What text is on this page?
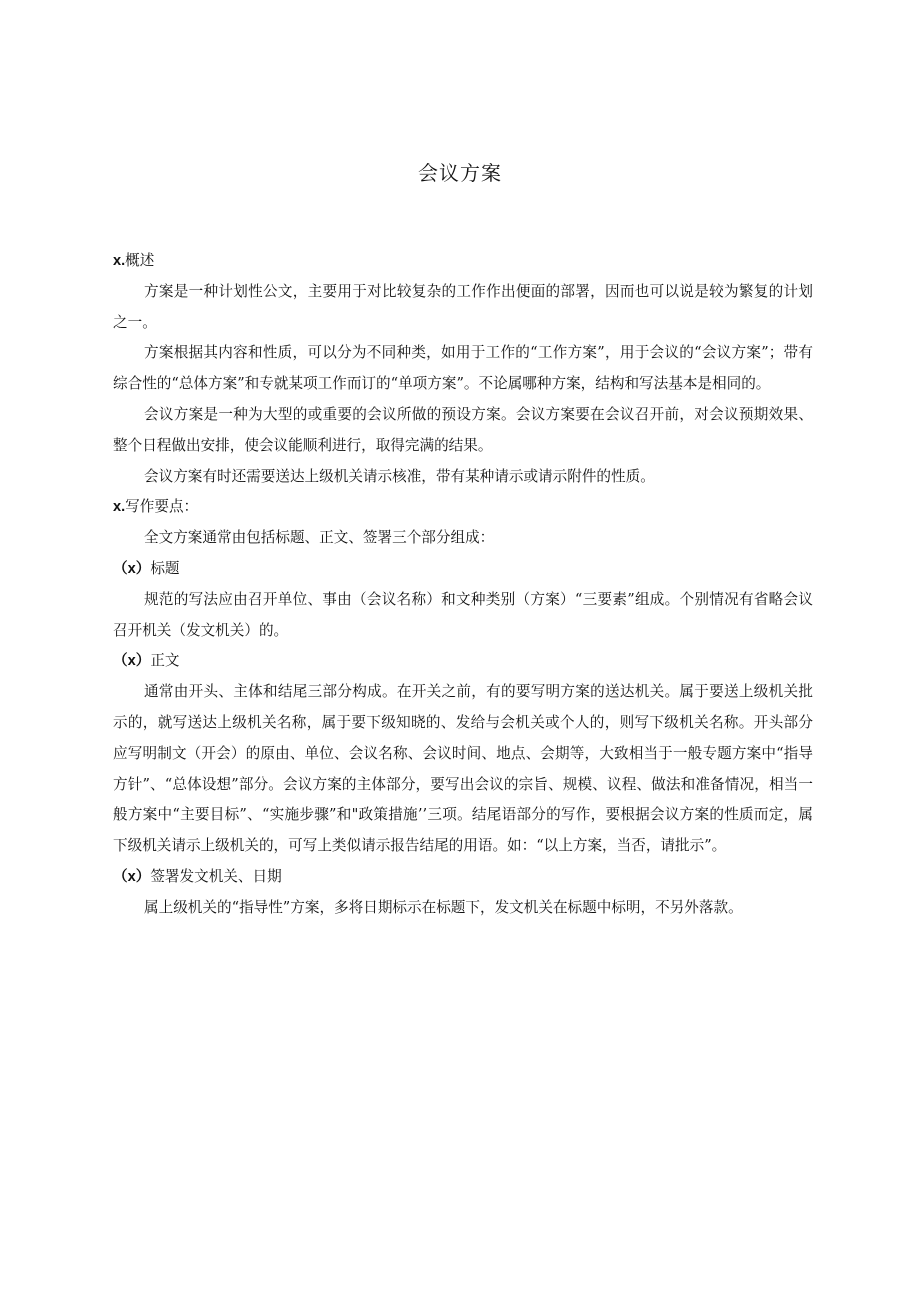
会议方案

x.概述

方案是一种计划性公文，主要用于对比较复杂的工作作出便面的部署，因而也可以说是较为繁复的计划之一。

方案根据其内容和性质，可以分为不同种类，如用于工作的“工作方案”，用于会议的“会议方案”；带有综合性的“总体方案”和专就某项工作而订的“单项方案”。不论属哪种方案，结构和写法基本是相同的。

会议方案是一种为大型的或重要的会议所做的预设方案。会议方案要在会议召开前，对会议预期效果、整个日程做出安排，使会议能顺利进行，取得完满的结果。

会议方案有时还需要送达上级机关请示核准，带有某种请示或请示附件的性质。

x.写作要点：

全文方案通常由包括标题、正文、签署三个部分组成：

（x）标题

规范的写法应由召开单位、事由（会议名称）和文种类别（方案）“三要素”组成。个别情况有省略会议召开机关（发文机关）的。

（x）正文

通常由开头、主体和结尾三部分构成。在开关之前，有的要写明方案的送达机关。属于要送上级机关批示的，就写送达上级机关名称，属于要下级知晓的、发给与会机关或个人的，则写下级机关名称。开头部分应写明制文（开会）的原由、单位、会议名称、会议时间、地点、会期等，大致相当于一般专题方案中“指导方针”、“总体设想”部分。会议方案的主体部分，要写出会议的宗旨、规模、议程、做法和准备情况，相当一般方案中“主要目标”、“实施步骤”和"政策措施’’三项。结尾语部分的写作，要根据会议方案的性质而定，属下级机关请示上级机关的，可写上类似请示报告结尾的用语。如：“以上方案，当否，请批示”。

（x）签署发文机关、日期

属上级机关的“指导性”方案，多将日期标示在标题下，发文机关在标题中标明，不另外落款。
